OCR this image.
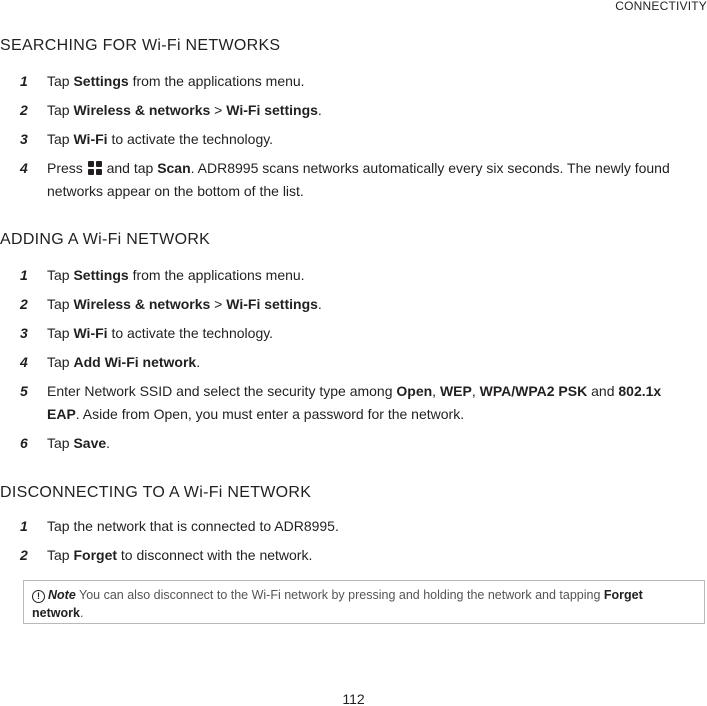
CONNECTIVITY
SEARCHING FOR Wi-Fi NETWORKS
1	Tap Settings from the applications menu.
2	Tap Wireless & networks > Wi-Fi settings.
3	Tap Wi-Fi to activate the technology.
4	Press
and tap Scan. ADR8995 scans networks automatically every six seconds. The newly found networks appear on the bottom of the list.
ADDING A Wi-Fi NETWORK
1	Tap Settings from the applications menu.
2	Tap Wireless & networks > Wi-Fi settings.
3	Tap Wi-Fi to activate the technology.
4	Tap Add Wi-Fi network.
5	Enter Network SSID and select the security type among Open, WEP, WPA/WPA2 PSK and 802.1x EAP. Aside from Open, you must enter a password for the network.
6	Tap Save.
DISCONNECTING TO A Wi-Fi NETWORK
1	Tap the network that is connected to ADR8995.
2	Tap Forget to disconnect with the network.
! Note You can also disconnect to the Wi-Fi network by pressing and holding the network and tapping Forget network.
112
